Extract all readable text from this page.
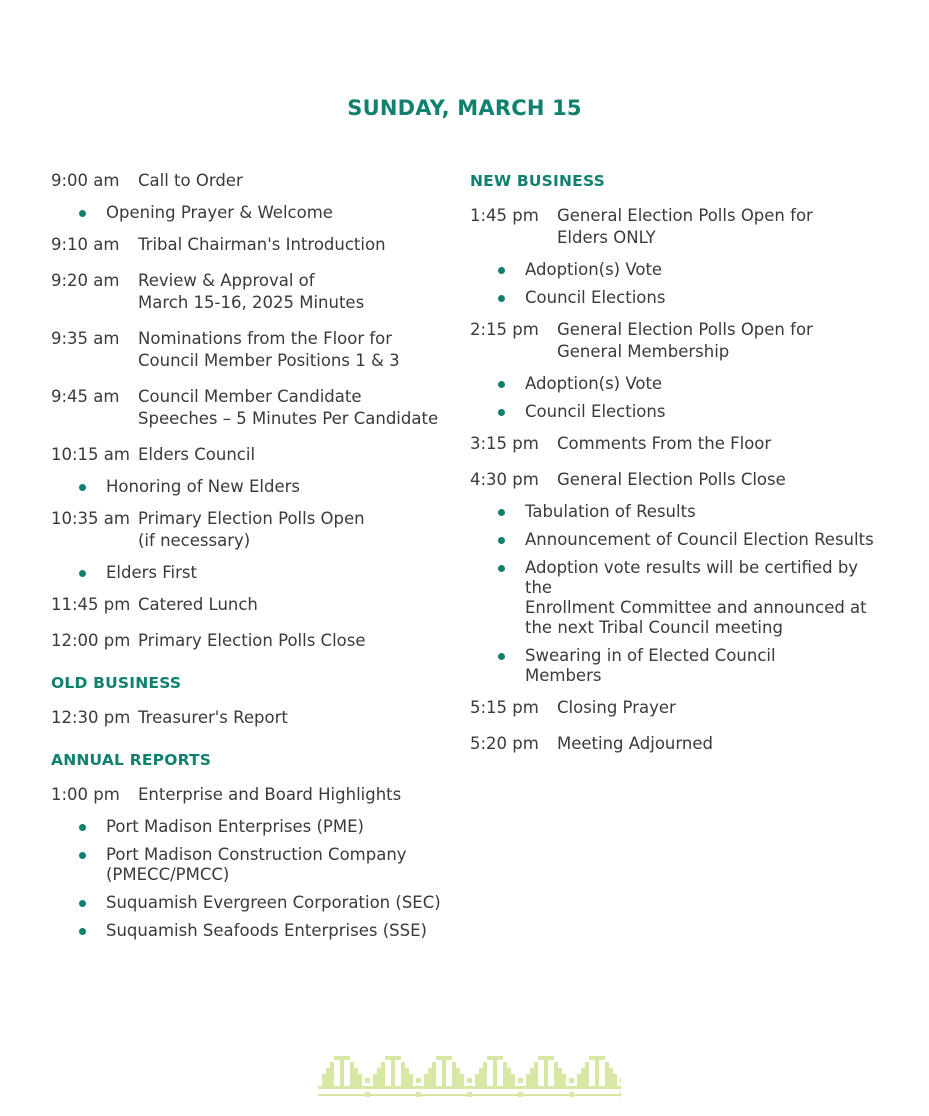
SUNDAY, MARCH 15
9:00 am	Call to Order
Opening Prayer & Welcome
9:10 am	Tribal Chairman's Introduction
9:20 am	Review & Approval of
March 15-16, 2025 Minutes
9:35 am	Nominations from the Floor for
Council Member Positions 1 & 3
9:45 am	Council Member Candidate
Speeches – 5 Minutes Per Candidate
10:15 am Elders Council
Honoring of New Elders
10:35 am Primary Election Polls Open
(if necessary)
Elders First
11:45 pm Catered Lunch
12:00 pm Primary Election Polls Close
OLD BUSINESS
12:30 pm Treasurer's Report
ANNUAL REPORTS
1:00 pm	Enterprise and Board Highlights
Port Madison Enterprises (PME)
Port Madison Construction Company
(PMECC/PMCC)
Suquamish Evergreen Corporation (SEC)
Suquamish Seafoods Enterprises (SSE)
NEW BUSINESS
1:45 pm	General Election Polls Open for
Elders ONLY
Adoption(s) Vote
Council Elections
2:15 pm	General Election Polls Open for
General Membership
Adoption(s) Vote
Council Elections
3:15 pm	Comments From the Floor
4:30 pm	General Election Polls Close
Tabulation of Results
Announcement of Council Election Results
Adoption vote results will be certified by the
Enrollment Committee and announced at
the next Tribal Council meeting
Swearing in of Elected Council
Members
5:15 pm	Closing Prayer
5:20 pm	Meeting Adjourned
